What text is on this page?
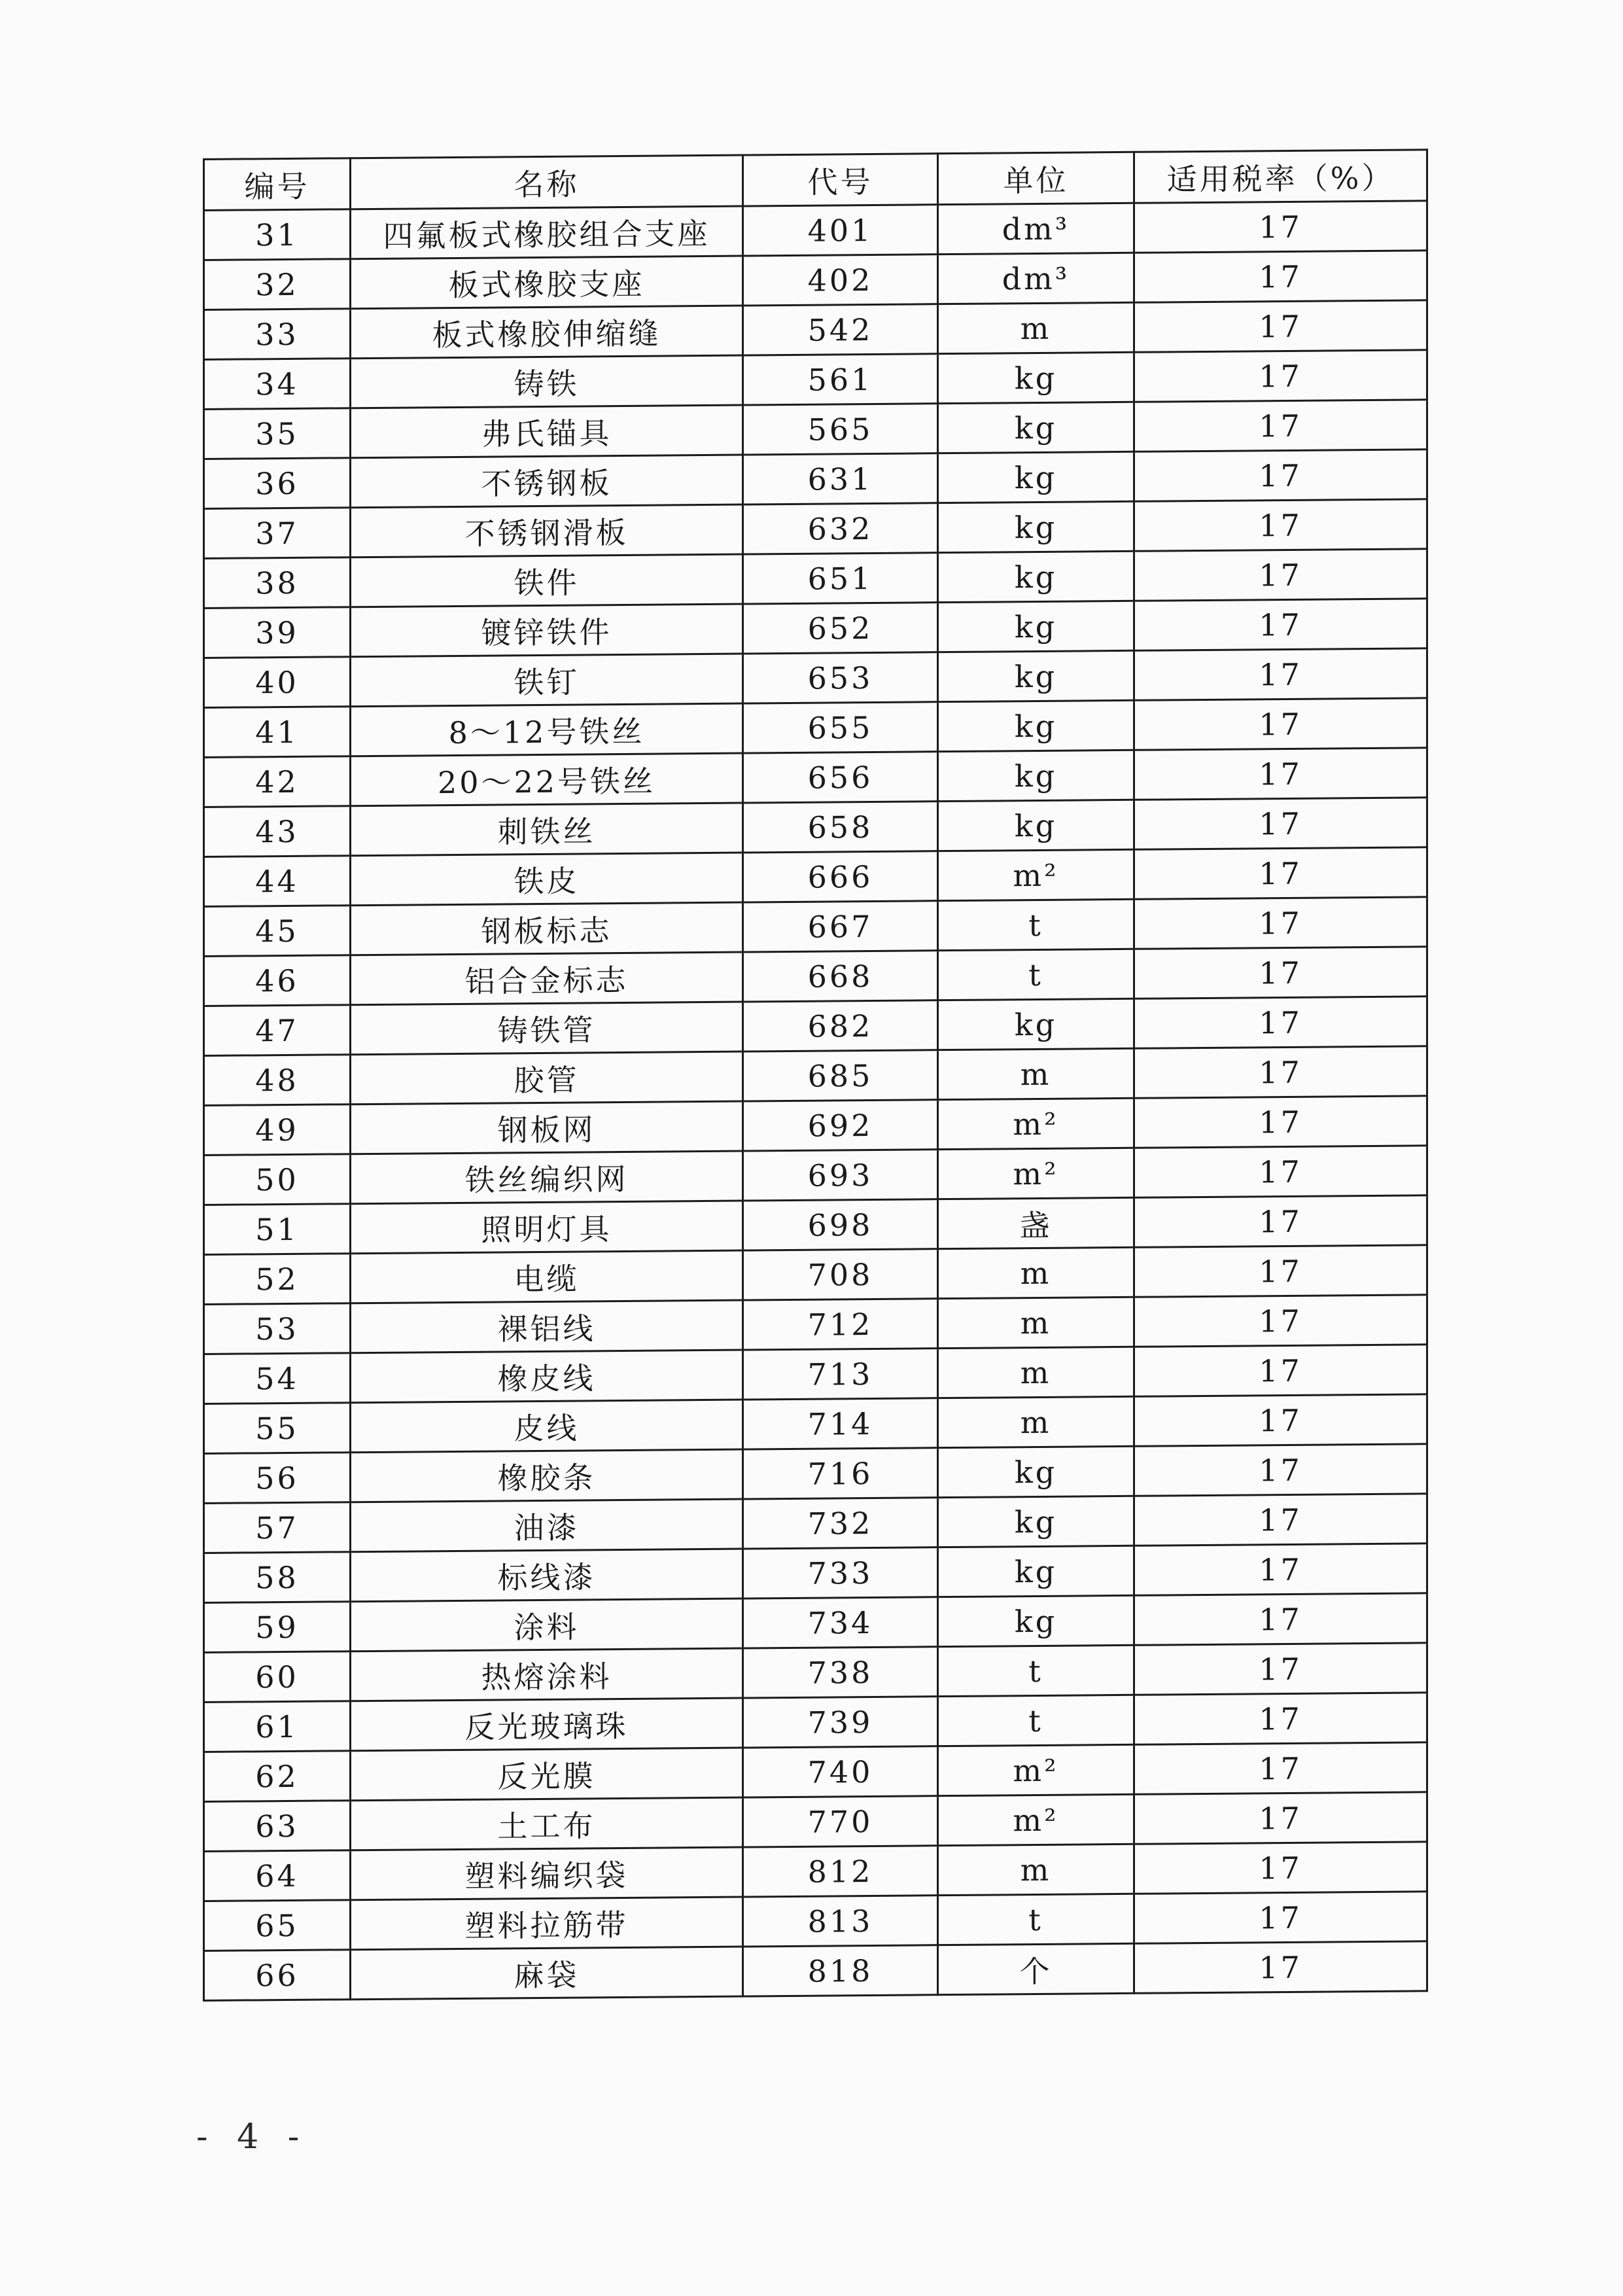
编号	名称	代号	单位	适用税率（%）
31	四氟板式橡胶组合支座	401	dm³	17
32	板式橡胶支座	402	dm³	17
33	板式橡胶伸缩缝	542	m	17
34	铸铁	561	kg	17
35	弗氏锚具	565	kg	17
36	不锈钢板	631	kg	17
37	不锈钢滑板	632	kg	17
38	铁件	651	kg	17
39	镀锌铁件	652	kg	17
40	铁钉	653	kg	17
41	8～12号铁丝	655	kg	17
42	20～22号铁丝	656	kg	17
43	刺铁丝	658	kg	17
44	铁皮	666	m²	17
45	钢板标志	667	t	17
46	铝合金标志	668	t	17
47	铸铁管	682	kg	17
48	胶管	685	m	17
49	钢板网	692	m²	17
50	铁丝编织网	693	m²	17
51	照明灯具	698	盏	17
52	电缆	708	m	17
53	裸铝线	712	m	17
54	橡皮线	713	m	17
55	皮线	714	m	17
56	橡胶条	716	kg	17
57	油漆	732	kg	17
58	标线漆	733	kg	17
59	涂料	734	kg	17
60	热熔涂料	738	t	17
61	反光玻璃珠	739	t	17
62	反光膜	740	m²	17
63	土工布	770	m²	17
64	塑料编织袋	812	m	17
65	塑料拉筋带	813	t	17
66	麻袋	818	个	17
- 4 -
